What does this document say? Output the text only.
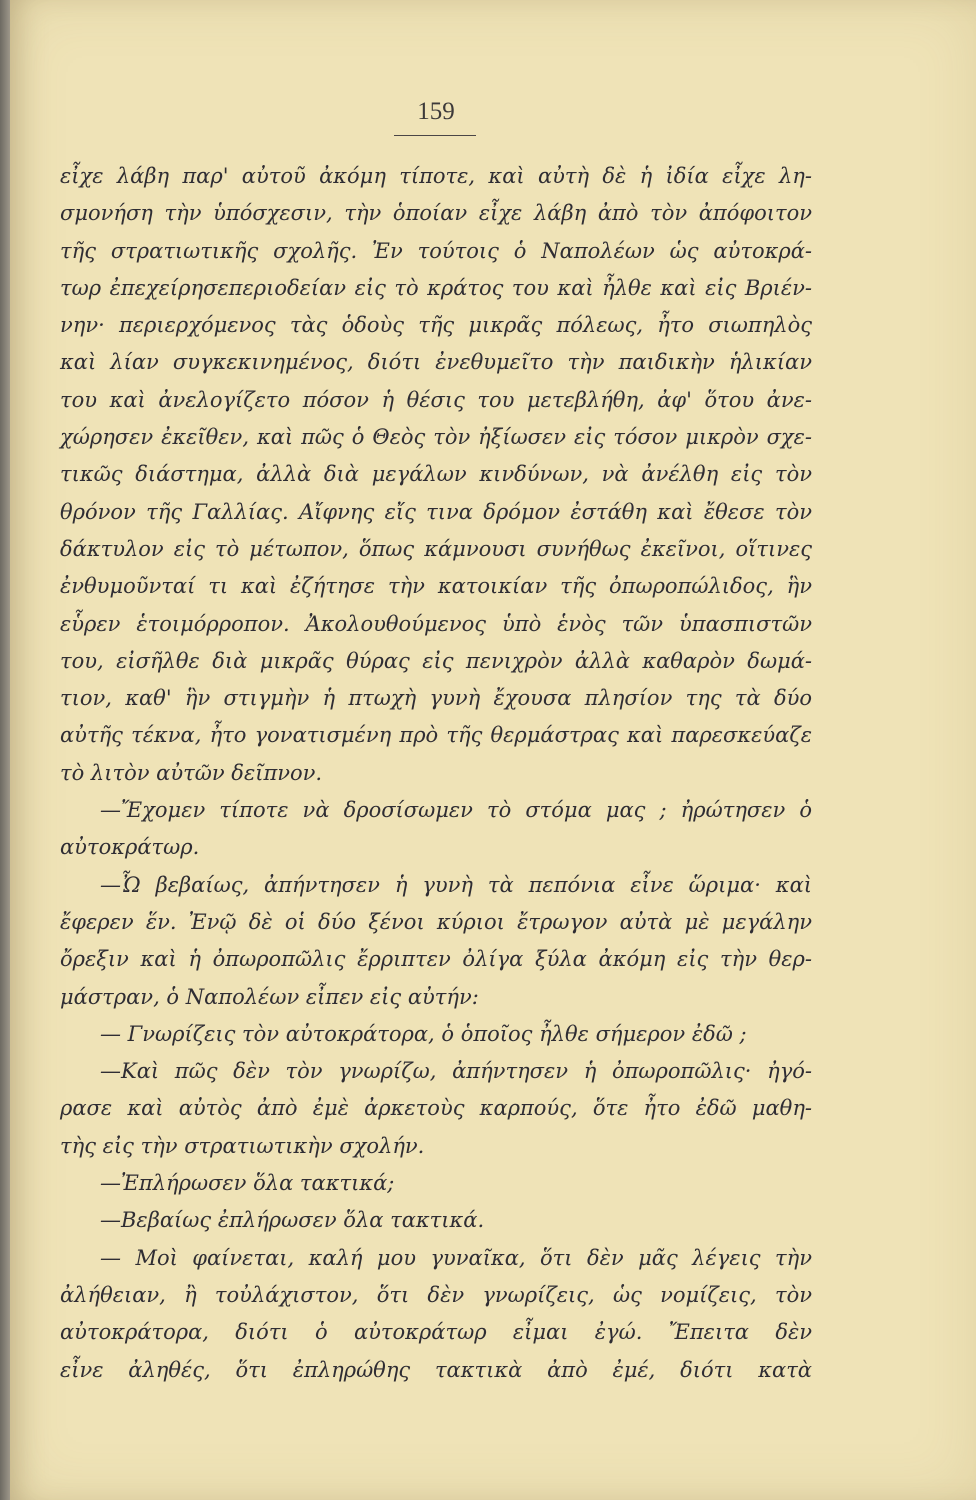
159
εἶχε λάβη παρ' αὐτοῦ ἀκόμη τίποτε, καὶ αὐτὴ δὲ ἡ ἰδία εἶχε λη-
σμονήση τὴν ὑπόσχεσιν, τὴν ὁποίαν εἶχε λάβη ἀπὸ τὸν ἀπόφοιτον
τῆς στρατιωτικῆς σχολῆς. Ἐν τούτοις ὁ Ναπολέων ὡς αὐτοκρά-
τωρ ἐπεχείρησεπεριοδείαν εἰς τὸ κράτος του καὶ ἦλθε καὶ εἰς Βριέν-
νην· περιερχόμενος τὰς ὁδοὺς τῆς μικρᾶς πόλεως, ἦτο σιωπηλὸς
καὶ λίαν συγκεκινημένος, διότι ἐνεθυμεῖτο τὴν παιδικὴν ἡλικίαν
του καὶ ἀνελογίζετο πόσον ἡ θέσις του μετεβλήθη, ἀφ' ὅτου ἀνε-
χώρησεν ἐκεῖθεν, καὶ πῶς ὁ Θεὸς τὸν ἠξίωσεν εἰς τόσον μικρὸν σχε-
τικῶς διάστημα, ἀλλὰ διὰ μεγάλων κινδύνων, νὰ ἀνέλθη εἰς τὸν
θρόνον τῆς Γαλλίας. Αἴφνης εἴς τινα δρόμον ἐστάθη καὶ ἔθεσε τὸν
δάκτυλον εἰς τὸ μέτωπον, ὅπως κάμνουσι συνήθως ἐκεῖνοι, οἵτινες
ἐνθυμοῦνταί τι καὶ ἐζήτησε τὴν κατοικίαν τῆς ὀπωροπώλιδος, ἣν
εὗρεν ἑτοιμόρροπον. Ἀκολουθούμενος ὑπὸ ἑνὸς τῶν ὑπασπιστῶν
του, εἰσῆλθε διὰ μικρᾶς θύρας εἰς πενιχρὸν ἀλλὰ καθαρὸν δωμά-
τιον, καθ' ἣν στιγμὴν ἡ πτωχὴ γυνὴ ἔχουσα πλησίον της τὰ δύο
αὐτῆς τέκνα, ἦτο γονατισμένη πρὸ τῆς θερμάστρας καὶ παρεσκεύαζε
τὸ λιτὸν αὐτῶν δεῖπνον.
—Ἔχομεν τίποτε νὰ δροσίσωμεν τὸ στόμα μας ; ἠρώτησεν ὁ
αὐτοκράτωρ.
—Ὦ βεβαίως, ἀπήντησεν ἡ γυνὴ τὰ πεπόνια εἶνε ὥριμα· καὶ
ἔφερεν ἕν. Ἐνῷ δὲ οἱ δύο ξένοι κύριοι ἔτρωγον αὐτὰ μὲ μεγάλην
ὄρεξιν καὶ ἡ ὀπωροπῶλις ἔρριπτεν ὀλίγα ξύλα ἀκόμη εἰς τὴν θερ-
μάστραν, ὁ Ναπολέων εἶπεν εἰς αὐτήν:
— Γνωρίζεις τὸν αὐτοκράτορα, ὁ ὁποῖος ἦλθε σήμερον ἐδῶ ;
—Καὶ πῶς δὲν τὸν γνωρίζω, ἀπήντησεν ἡ ὀπωροπῶλις· ἠγό-
ρασε καὶ αὐτὸς ἀπὸ ἐμὲ ἀρκετοὺς καρπούς, ὅτε ἦτο ἐδῶ μαθη-
τὴς εἰς τὴν στρατιωτικὴν σχολήν.
—Ἐπλήρωσεν ὅλα τακτικά;
—Βεβαίως ἐπλήρωσεν ὅλα τακτικά.
— Μοὶ φαίνεται, καλή μου γυναῖκα, ὅτι δὲν μᾶς λέγεις τὴν
ἀλήθειαν, ἢ τοὐλάχιστον, ὅτι δὲν γνωρίζεις, ὡς νομίζεις, τὸν
αὐτοκράτορα, διότι ὁ αὐτοκράτωρ εἶμαι ἐγώ. Ἔπειτα δὲν
εἶνε ἀληθές, ὅτι ἐπληρώθης τακτικὰ ἀπὸ ἐμέ, διότι κατὰ
